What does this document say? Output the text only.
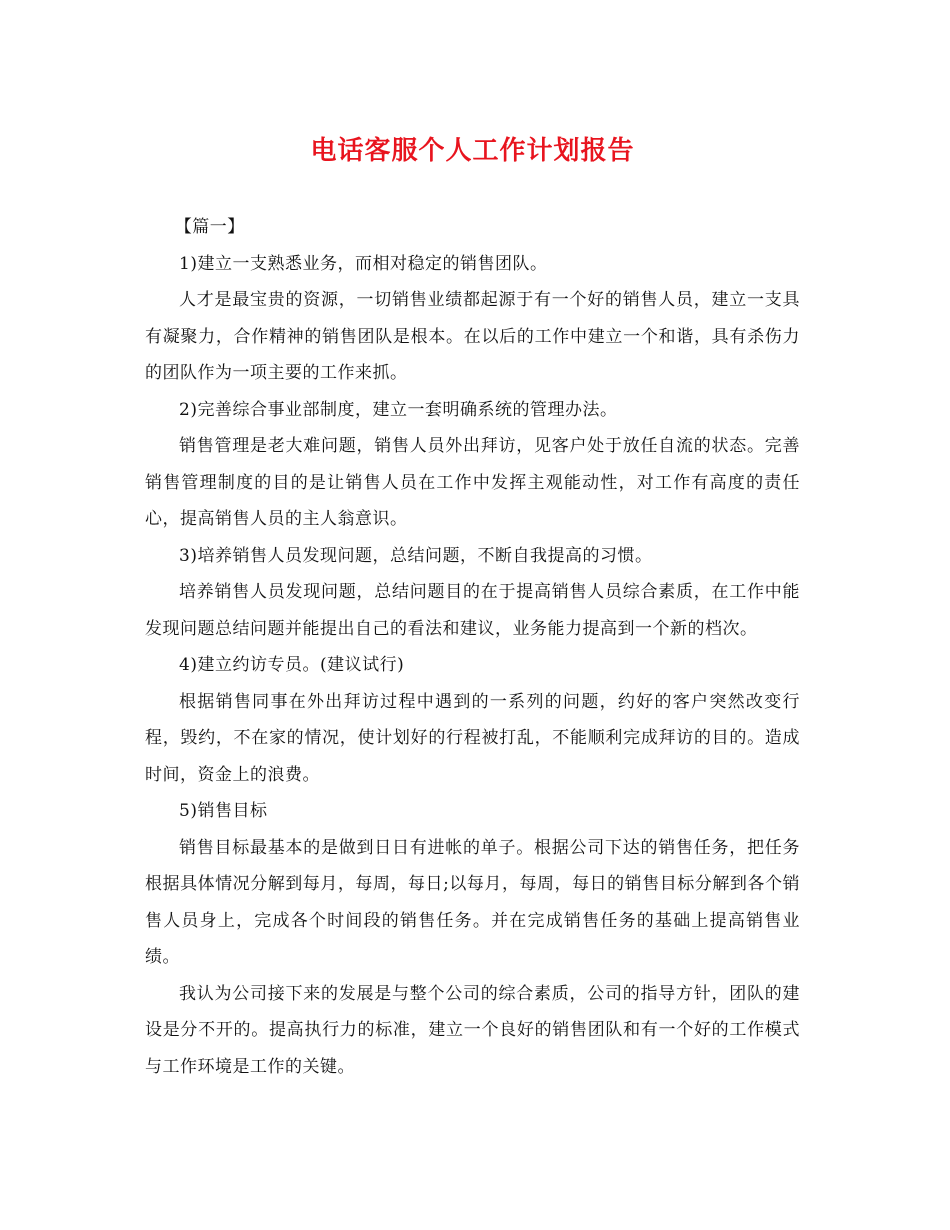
电话客服个人工作计划报告

【篇一】

1)建立一支熟悉业务，而相对稳定的销售团队。

人才是最宝贵的资源，一切销售业绩都起源于有一个好的销售人员，建立一支具有凝聚力，合作精神的销售团队是根本。在以后的工作中建立一个和谐，具有杀伤力的团队作为一项主要的工作来抓。

2)完善综合事业部制度，建立一套明确系统的管理办法。

销售管理是老大难问题，销售人员外出拜访，见客户处于放任自流的状态。完善销售管理制度的目的是让销售人员在工作中发挥主观能动性，对工作有高度的责任心，提高销售人员的主人翁意识。

3)培养销售人员发现问题，总结问题，不断自我提高的习惯。

培养销售人员发现问题，总结问题目的在于提高销售人员综合素质，在工作中能发现问题总结问题并能提出自己的看法和建议，业务能力提高到一个新的档次。

4)建立约访专员。(建议试行)

根据销售同事在外出拜访过程中遇到的一系列的问题，约好的客户突然改变行程，毁约，不在家的情况，使计划好的行程被打乱，不能顺利完成拜访的目的。造成时间，资金上的浪费。

5)销售目标

销售目标最基本的是做到日日有进帐的单子。根据公司下达的销售任务，把任务根据具体情况分解到每月，每周，每日;以每月，每周，每日的销售目标分解到各个销售人员身上，完成各个时间段的销售任务。并在完成销售任务的基础上提高销售业绩。

我认为公司接下来的发展是与整个公司的综合素质，公司的指导方针，团队的建设是分不开的。提高执行力的标准，建立一个良好的销售团队和有一个好的工作模式与工作环境是工作的关键。
